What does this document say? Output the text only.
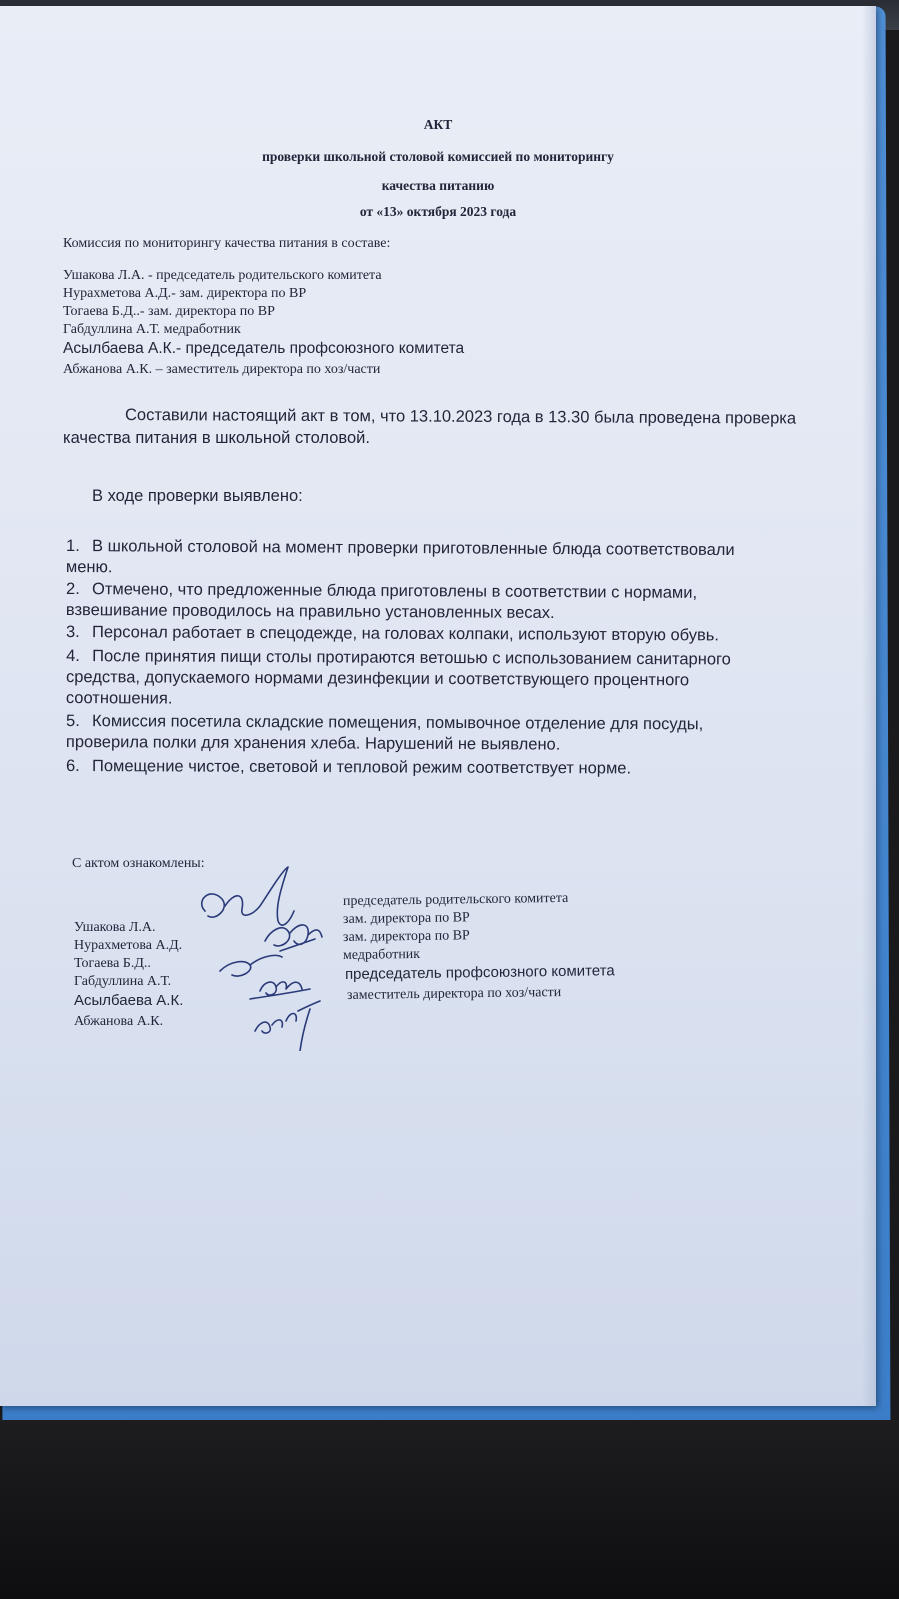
АКТ
проверки школьной столовой комиссией по мониторингу
качества питанию
от «13» октября 2023 года
Комиссия по мониторингу качества питания в составе:
Ушакова Л.А. - председатель родительского комитета
Нурахметова А.Д.- зам. директора по ВР
Тогаева Б.Д..- зам. директора по ВР
Габдуллина А.Т. медработник
Асылбаева А.К.- председатель профсоюзного комитета
Абжанова А.К. – заместитель директора по хоз/части
Составили настоящий акт в том, что 13.10.2023 года в 13.30 была проведена проверка
качества питания в школьной столовой.
В ходе проверки выявлено:
1. В школьной столовой на момент проверки приготовленные блюда соответствовали
меню.
2. Отмечено, что предложенные блюда приготовлены в соответствии с нормами,
взвешивание проводилось на правильно установленных весах.
3. Персонал работает в спецодежде, на головах колпаки, используют вторую обувь.
4. После принятия пищи столы протираются ветошью с использованием санитарного
средства, допускаемого нормами дезинфекции и соответствующего процентного
соотношения.
5. Комиссия посетила складские помещения, помывочное отделение для посуды,
проверила полки для хранения хлеба. Нарушений не выявлено.
6. Помещение чистое, световой и тепловой режим соответствует норме.
С актом ознакомлены:
Ушакова Л.А.
Нурахметова А.Д.
Тогаева Б.Д..
Габдуллина А.Т.
Асылбаева А.К.
Абжанова А.К.
председатель родительского комитета
зам. директора по ВР
зам. директора по ВР
медработник
председатель профсоюзного комитета
заместитель директора по хоз/части
